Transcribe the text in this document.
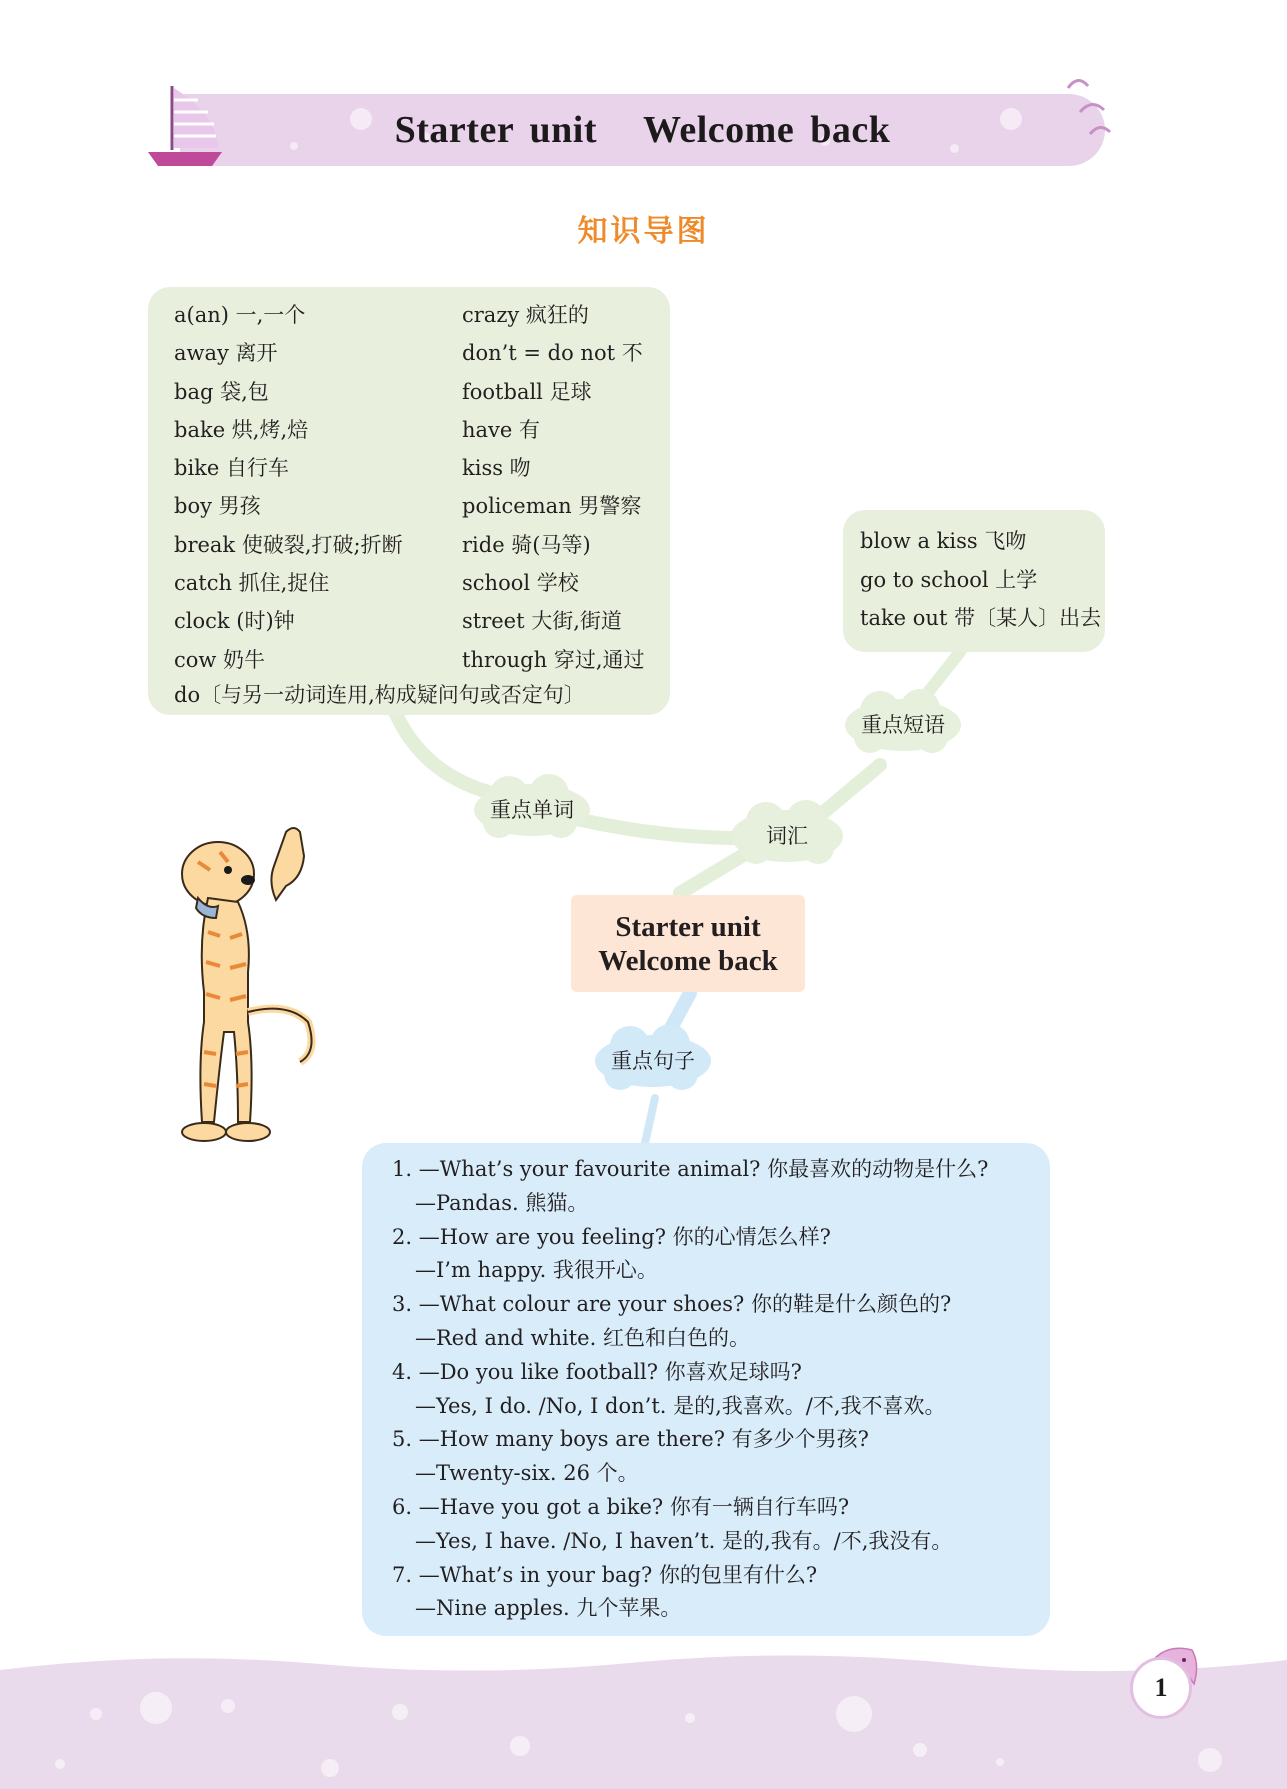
Starter unit Welcome back
知识导图
a(an) 一,一个
away 离开
bag 袋,包
bake 烘,烤,焙
bike 自行车
boy 男孩
break 使破裂,打破;折断
catch 抓住,捉住
clock (时)钟
cow 奶牛
crazy 疯狂的
don’t = do not 不
football 足球
have 有
kiss 吻
policeman 男警察
ride 骑(马等)
school 学校
street 大街,街道
through 穿过,通过
do〔与另一动词连用,构成疑问句或否定句〕
blow a kiss 飞吻
go to school 上学
take out 带〔某人〕出去
重点单词
重点短语
词汇
重点句子
Starter unit
Welcome back
1. —What’s your favourite animal? 你最喜欢的动物是什么?
—Pandas. 熊猫。
2. —How are you feeling? 你的心情怎么样?
—I’m happy. 我很开心。
3. —What colour are your shoes? 你的鞋是什么颜色的?
—Red and white. 红色和白色的。
4. —Do you like football? 你喜欢足球吗?
—Yes, I do. /No, I don’t. 是的,我喜欢。/不,我不喜欢。
5. —How many boys are there? 有多少个男孩?
—Twenty-six. 26 个。
6. —Have you got a bike? 你有一辆自行车吗?
—Yes, I have. /No, I haven’t. 是的,我有。/不,我没有。
7. —What’s in your bag? 你的包里有什么?
—Nine apples. 九个苹果。
1
